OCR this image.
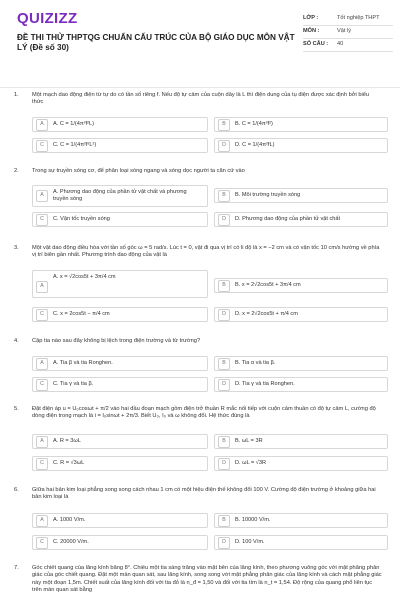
QUIZIZZ
ĐỀ THI THỬ THPTQG CHUẨN CẤU TRÚC CỦA BỘ GIÁO DỤC MÔN VẬT LÝ (Đề số 30)
LỚP :	Tốt nghiệp THPT
MÔN :	Vật lý
SỐ CÂU :	40
1. Một mạch dao động điện từ tự do có tần số riêng f. Nếu độ tự cảm của cuộn dây là L thì điện dung của tụ điện được xác định bởi biểu thức
A	A. C = 1/(4π²f²L)	B	B. C = 1/(4π²f²)
C	C. C = 1/(4π²f²L²)	D	D. C = 1/(4π²fL)
2. Trong sự truyền sóng cơ, để phân loại sóng ngang và sóng dọc người ta căn cứ vào
A
A. Phương dao động của phần tử vật chất và phương truyền sóng
B	B. Môi trường truyền sóng
C	C. Vận tốc truyền sóng	D	D. Phương dao động của phần tử vật chất
3. Một vật dao động điều hòa với tần số góc ω = 5 rad/s. Lúc t = 0, vật đi qua vị trí có li độ là x = −2 cm và có vận tốc 10 cm/s hướng về phía vị trí biên gần nhất. Phương trình dao động của vật là
A
A. x = √2cos5t + 3π/4 cm
B	B. x = 2√2cos5t + 3π/4 cm
C	C. x = 2cos5t − π/4 cm	D	D. x = 2√2cos5t + π/4 cm
4. Cặp tia nào sau đây không bị lệch trong điện trường và từ trường?
A	A. Tia β và tia Ronghen.	B	B. Tia α và tia β.
C	C. Tia γ và tia β.	D	D. Tia γ và tia Ronghen.
5. Đặt điện áp u = U₀cosωt + π/2 vào hai đầu đoạn mạch gồm điện trở thuần R mắc nối tiếp với cuộn cảm thuần có độ tự cảm L, cường độ dòng điện trong mạch là i = I₀sinωt + 2π/3. Biết U₀, I₀ và ω không đổi. Hệ thức đúng là
A	A. R = 3ωL	B	B. ωL = 3R
C	C. R = √3ωL	D	D. ωL = √3R
6. Giữa hai bản kim loại phẳng song song cách nhau 1 cm có một hiệu điện thế không đổi 100 V. Cường độ điện trường ở khoảng giữa hai bản kim loại là
A	A. 1000 V/m.	B	B. 10000 V/m.
C	C. 20000 V/m.	D	D. 100 V/m.
7. Góc chiết quang của lăng kính bằng 8°. Chiếu một tia sáng trắng vào mặt bên của lăng kính, theo phương vuông góc với mặt phẳng phân giác của góc chiết quang. Đặt một màn quan sát, sau lăng kính, song song với mặt phẳng phân giác của lăng kính và cách mặt phẳng giác này một đoạn 1,5m. Chiết suất của lăng kính đối với tia đỏ là n_đ = 1,50 và đối với tia tím là n_t = 1,54. Độ rộng của quang phổ liên tục trên màn quan sát bằng
